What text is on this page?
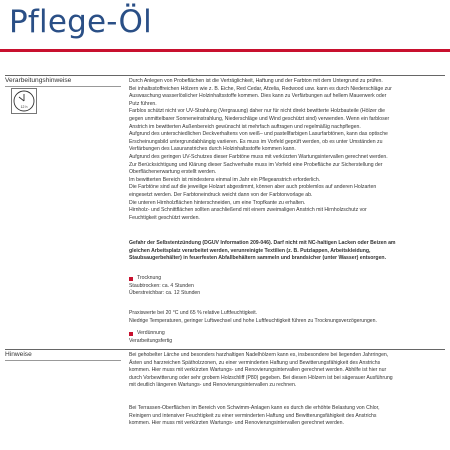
Pflege-Öl
Verarbeitungshinweise
12 h

Durch Anlegen von Probeflächen ist die Verträglichkeit, Haftung und der Farbton mit dem Untergrund zu prüfen.

Bei inhaltsstoffreichen Hölzern wie z. B. Eiche, Red Cedar, Afzelia, Redwood usw. kann es durch Niederschläge zur

Auswaschung wasserlöslicher Holzinhaltsstoffe kommen. Dies kann zu Verfärbungen auf hellem Mauerwerk oder

Putz führen.

Farblos schützt nicht vor UV-Strahlung (Vergrauung) daher nur für nicht direkt bewitterte Holzbauteile (Hölzer die

gegen unmittelbarer Sonneneinstrahlung, Niederschläge und Wind geschützt sind) verwenden. Wenn ein farbloser

Anstrich im bewitterten Außenbereich gewünscht ist mehrfach auftragen und regelmäßig nachpflegen.

Aufgrund des unterschiedlichen Deckverhaltens von weiß– und pastellfarbigen Lasurfarbtönen, kann das optische

Erscheinungsbild untergrundabhängig variieren. Es muss im Vorfeld geprüft werden, ob es unter Umständen zu

Verfärbungen des Lasuranstriches durch Holzinhaltsstoffe kommen kann.

Aufgrund des geringen UV-Schutzes dieser Farbtöne muss mit verkürzten Wartungsintervallen gerechnet werden.

Zur Berücksichtigung und Klärung dieser Sachverhalte muss im Vorfeld eine Probefläche zur Sicherstellung der

Oberflächenerwartung erstellt werden.

Im bewitterten Bereich ist mindestens einmal im Jahr ein Pflegeanstrich erforderlich.

Die Farbtöne sind auf die jeweilige Holzart abgestimmt, können aber auch problemlos auf anderen Holzarten

eingesetzt werden. Der Farbtoneindruck weicht dann von der Farbtonvorlage ab.

Die unteren Hirnholzflächen hinterschneiden, um eine Tropfkante zu erhalten.

Hirnholz- und Schnittflächen sollten anschließend mit einem zweimaligen Anstrich mit Hirnholzschutz vor

Feuchtigkeit geschützt werden.

Gefahr der Selbstentzündung (DGUV Information 209-046). Darf nicht mit NC-haltigen Lacken oder Beizen am

gleichen Arbeitsplatz verarbeitet werden, verunreinigte Textilien (z. B. Putzlappen, Arbeitskleidung,

Staubsaugerbehälter) in feuerfesten Abfallbehältern sammeln und brandsicher (unter Wasser) entsorgen.

Trocknung

Staubtrocken: ca. 4 Stunden

Überstreichbar: ca. 12 Stunden

Praxiswerte bei 20 °C und 65 % relative Luftfeuchtigkeit.

Niedrige Temperaturen, geringer Luftwechsel und hohe Luftfeuchtigkeit führen zu Trocknungsverzögerungen.

Verdünnung

Verarbeitungsfertig

Hinweise	Bei gehobelter Lärche und besonders harzhaltigen Nadelhölzern kann es, insbesondere bei liegenden Jahrringen,

Ästen und harzreichen Spätholzzonen, zu einer verminderten Haftung und Bewitterungsfähigkeit des Anstrichs

kommen. Hier muss mit verkürzten Wartungs- und Renovierungsintervallen gerechnet werden. Abhilfe ist hier nur

durch Vorbewitterung oder sehr grobem Holzschliff (P80) gegeben. Bei diesen Hölzern ist bei sägerauer Ausführung

mit deutlich längeren Wartungs- und Renovierungsintervallen zu rechnen.

Bei Terrassen-Oberflächen im Bereich von Schwimm-Anlagen kann es durch die erhöhte Belastung von Chlor,

Reinigern und intensiver Feuchtigkeit zu einer verminderten Haftung und Bewitterungsfähigkeit des Anstrichs

kommen. Hier muss mit verkürzten Wartungs- und Renovierungsintervallen gerechnet werden.
